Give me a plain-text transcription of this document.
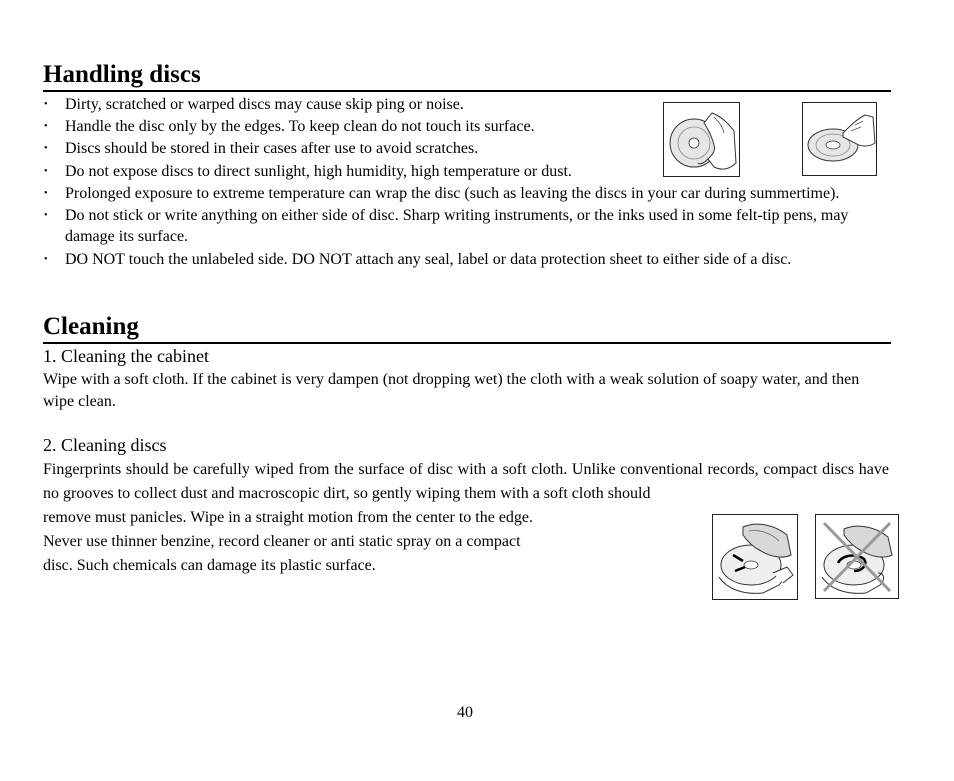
Handling discs
• Dirty, scratched or warped discs may cause skip ping or noise.
• Handle the disc only by the edges. To keep clean do not touch its surface.
• Discs should be stored in their cases after use to avoid scratches.
• Do not expose discs to direct sunlight, high humidity, high temperature or dust.
• Prolonged exposure to extreme temperature can wrap the disc (such as leaving the discs in your car during summertime).
• Do not stick or write anything on either side of disc. Sharp writing instruments, or the inks used in some felt-tip pens, may damage its surface.
• DO NOT touch the unlabeled side. DO NOT attach any seal, label or data protection sheet to either side of a disc.
Cleaning
1. Cleaning the cabinet
Wipe with a soft cloth. If the cabinet is very dampen (not dropping wet) the cloth with a weak solution of soapy water, and then wipe clean.
2. Cleaning discs
Fingerprints should be carefully wiped from the surface of disc with a soft cloth. Unlike conventional records, compact discs have no grooves to collect dust and macroscopic dirt, so gently wiping them with a soft cloth should
remove must panicles. Wipe in a straight motion from the center to the edge.
Never use thinner benzine, record cleaner or anti static spray on a compact
disc. Such chemicals can damage its plastic surface.
40
